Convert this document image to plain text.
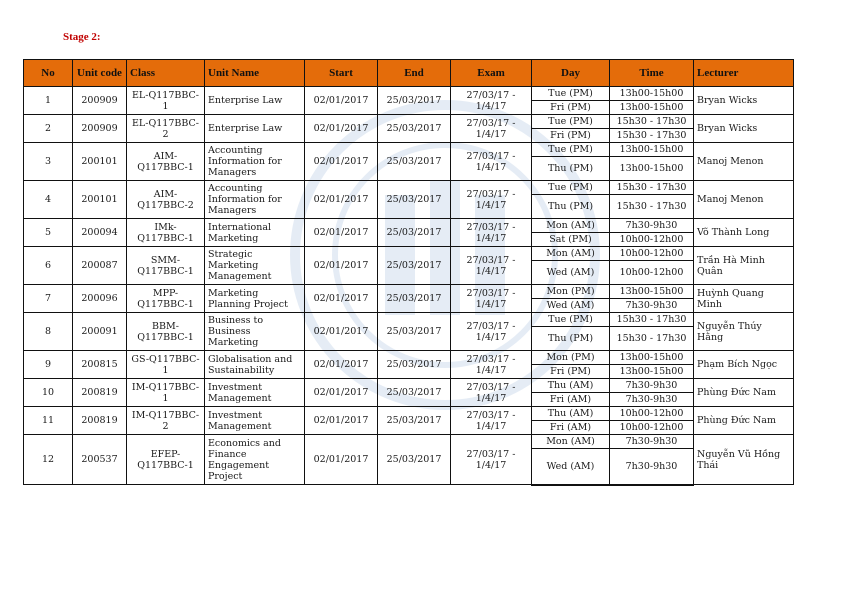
Stage 2:
No	Unit code	Class	Unit Name	Start	End	Exam	Day	Time	Lecturer
1	200909	EL-Q117BBC-1	Enterprise Law	02/01/2017	25/03/2017	27/03/17 - 1/4/17	Tue (PM)	13h00-15h00	Bryan Wicks
							Fri (PM)	13h00-15h00	
2	200909	EL-Q117BBC-2	Enterprise Law	02/01/2017	25/03/2017	27/03/17 - 1/4/17	Tue (PM)	15h30 - 17h30	Bryan Wicks
							Fri (PM)	15h30 - 17h30	
3	200101	AIM-Q117BBC-1	Accounting Information for Managers	02/01/2017	25/03/2017	27/03/17 - 1/4/17	Tue (PM)	13h00-15h00	Manoj Menon
							Thu (PM)	13h00-15h00	
4	200101	AIM-Q117BBC-2	Accounting Information for Managers	02/01/2017	25/03/2017	27/03/17 - 1/4/17	Tue (PM)	15h30 - 17h30	Manoj Menon
							Thu (PM)	15h30 - 17h30	
5	200094	IMk-Q117BBC-1	International Marketing	02/01/2017	25/03/2017	27/03/17 - 1/4/17	Mon (AM)	7h30-9h30	Võ Thành Long
							Sat (PM)	10h00-12h00	
6	200087	SMM-Q117BBC-1	Strategic Marketing Management	02/01/2017	25/03/2017	27/03/17 - 1/4/17	Mon (AM)	10h00-12h00	Trần Hà Minh Quân
							Wed (AM)	10h00-12h00	
7	200096	MPP-Q117BBC-1	Marketing Planning Project	02/01/2017	25/03/2017	27/03/17 - 1/4/17	Mon (PM)	13h00-15h00	Huỳnh Quang Minh
							Wed (AM)	7h30-9h30	
8	200091	BBM-Q117BBC-1	Business to Business Marketing	02/01/2017	25/03/2017	27/03/17 - 1/4/17	Tue (PM)	15h30 - 17h30	Nguyễn Thúy Hằng
							Thu (PM)	15h30 - 17h30	
9	200815	GS-Q117BBC-1	Globalisation and Sustainability	02/01/2017	25/03/2017	27/03/17 - 1/4/17	Mon (PM)	13h00-15h00	Phạm Bích Ngọc
							Fri (PM)	13h00-15h00	
10	200819	IM-Q117BBC-1	Investment Management	02/01/2017	25/03/2017	27/03/17 - 1/4/17	Thu (AM)	7h30-9h30	Phùng Đức Nam
							Fri (AM)	7h30-9h30	
11	200819	IM-Q117BBC-2	Investment Management	02/01/2017	25/03/2017	27/03/17 - 1/4/17	Thu (AM)	10h00-12h00	Phùng Đức Nam
							Fri (AM)	10h00-12h00	
12	200537	EFEP-Q117BBC-1	Economics and Finance Engagement Project	02/01/2017	25/03/2017	27/03/17 - 1/4/17	Mon (AM)	7h30-9h30	Nguyễn Vũ Hồng Thái
							Wed (AM)	7h30-9h30	
